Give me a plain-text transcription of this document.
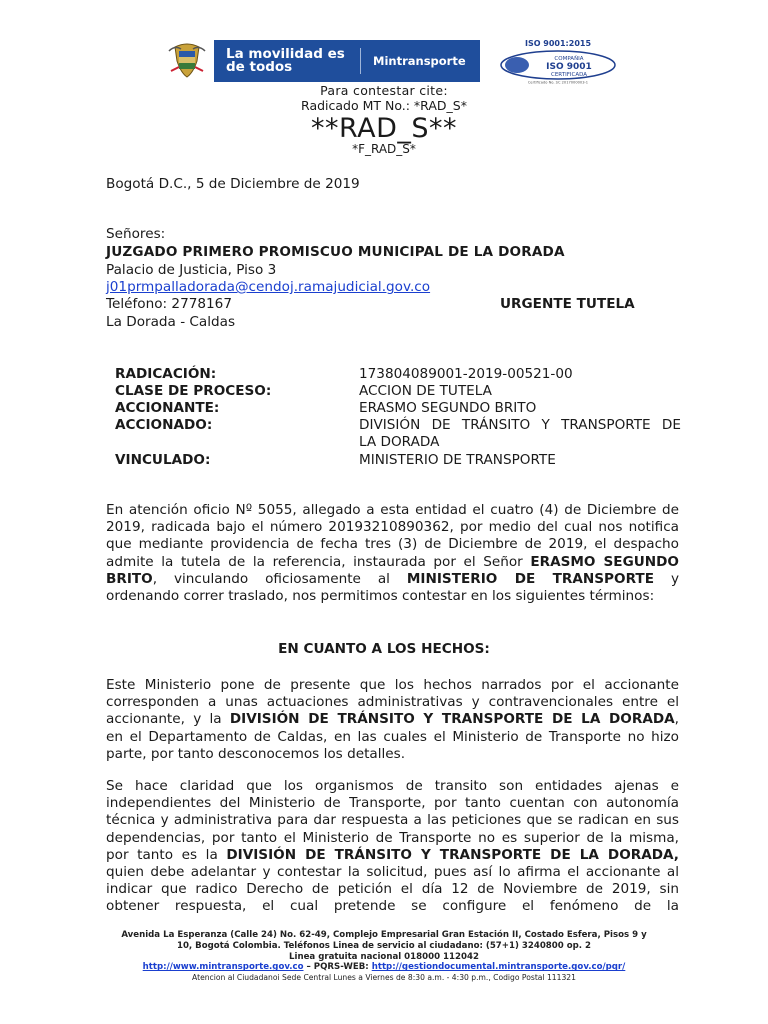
La movilidad es de todos	Mintransporte
ISO 9001:2015
COMPAÑIA
ISO 9001
CERTIFICADA
Certificado No. SC 2017000003-1
Para contestar cite:
Radicado MT No.: *RAD_S*
**RAD_S**
*F_RAD_S*
Bogotá D.C., 5 de Diciembre de 2019
Señores:
JUZGADO PRIMERO PROMISCUO MUNICIPAL DE LA DORADA
Palacio de Justicia, Piso 3
j01prmpalladorada@cendoj.ramajudicial.gov.co
Teléfono: 2778167	URGENTE TUTELA
La Dorada - Caldas
RADICACIÓN:	173804089001-2019-00521-00
CLASE DE PROCESO:	ACCION DE TUTELA
ACCIONANTE:	ERASMO SEGUNDO BRITO
ACCIONADO:	DIVISIÓN DE TRÁNSITO Y TRANSPORTE DE
LA DORADA
VINCULADO:	MINISTERIO DE TRANSPORTE
En atención oficio Nº 5055, allegado a esta entidad el cuatro (4) de Diciembre de
2019, radicada bajo el número 20193210890362, por medio del cual nos notifica
que mediante providencia de fecha tres (3) de Diciembre de 2019, el despacho
admite la tutela de la referencia, instaurada por el Señor ERASMO SEGUNDO
BRITO, vinculando oficiosamente al MINISTERIO DE TRANSPORTE y
ordenando correr traslado, nos permitimos contestar en los siguientes términos:
EN CUANTO A LOS HECHOS:
Este Ministerio pone de presente que los hechos narrados por el accionante
corresponden a unas actuaciones administrativas y contravencionales entre el
accionante, y la DIVISIÓN DE TRÁNSITO Y TRANSPORTE DE LA DORADA,
en el Departamento de Caldas, en las cuales el Ministerio de Transporte no hizo
parte, por tanto desconocemos los detalles.
Se hace claridad que los organismos de transito son entidades ajenas e
independientes del Ministerio de Transporte, por tanto cuentan con autonomía
técnica y administrativa para dar respuesta a las peticiones que se radican en sus
dependencias, por tanto el Ministerio de Transporte no es superior de la misma,
por tanto es la DIVISIÓN DE TRÁNSITO Y TRANSPORTE DE LA DORADA,
quien debe adelantar y contestar la solicitud, pues así lo afirma el accionante al
indicar que radico Derecho de petición el día 12 de Noviembre de 2019, sin
obtener respuesta, el cual pretende se configure el fenómeno de la
Avenida La Esperanza (Calle 24) No. 62-49, Complejo Empresarial Gran Estación II, Costado Esfera, Pisos 9 y
10, Bogotá Colombia. Teléfonos Linea de servicio al ciudadano: (57+1) 3240800 op. 2
Linea gratuita nacional 018000 112042
http://www.mintransporte.gov.co – PQRS-WEB: http://gestiondocumental.mintransporte.gov.co/pqr/
Atencion al Ciudadanoi Sede Central Lunes a Viernes de 8:30 a.m. - 4:30 p.m., Codigo Postal 111321
